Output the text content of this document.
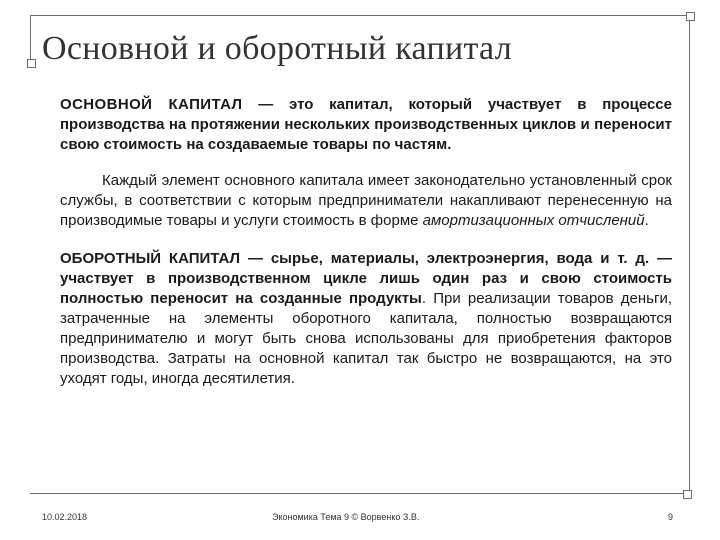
Основной и оборотный капитал

ОСНОВНОЙ КАПИТАЛ — это капитал, который участвует в процессе производства на протяжении нескольких производственных циклов и переносит свою стоимость на создаваемые товары по частям.

Каждый элемент основного капитала имеет законодательно установленный срок службы, в соответствии с которым предприниматели накапливают перенесенную на производимые товары и услуги стоимость в форме амортизационных отчислений.

ОБОРОТНЫЙ КАПИТАЛ — сырье, материалы, электроэнергия, вода и т. д. — участвует в производственном цикле лишь один раз и свою стоимость полностью переносит на созданные продукты. При реализации товаров деньги, затраченные на элементы оборотного капитала, полностью возвращаются предпринимателю и могут быть снова использованы для приобретения факторов производства. Затраты на основной капитал так быстро не возвращаются, на это уходят годы, иногда десятилетия.

10.02.2018	Экономика Тема 9 © Ворвенко З.В.	9
